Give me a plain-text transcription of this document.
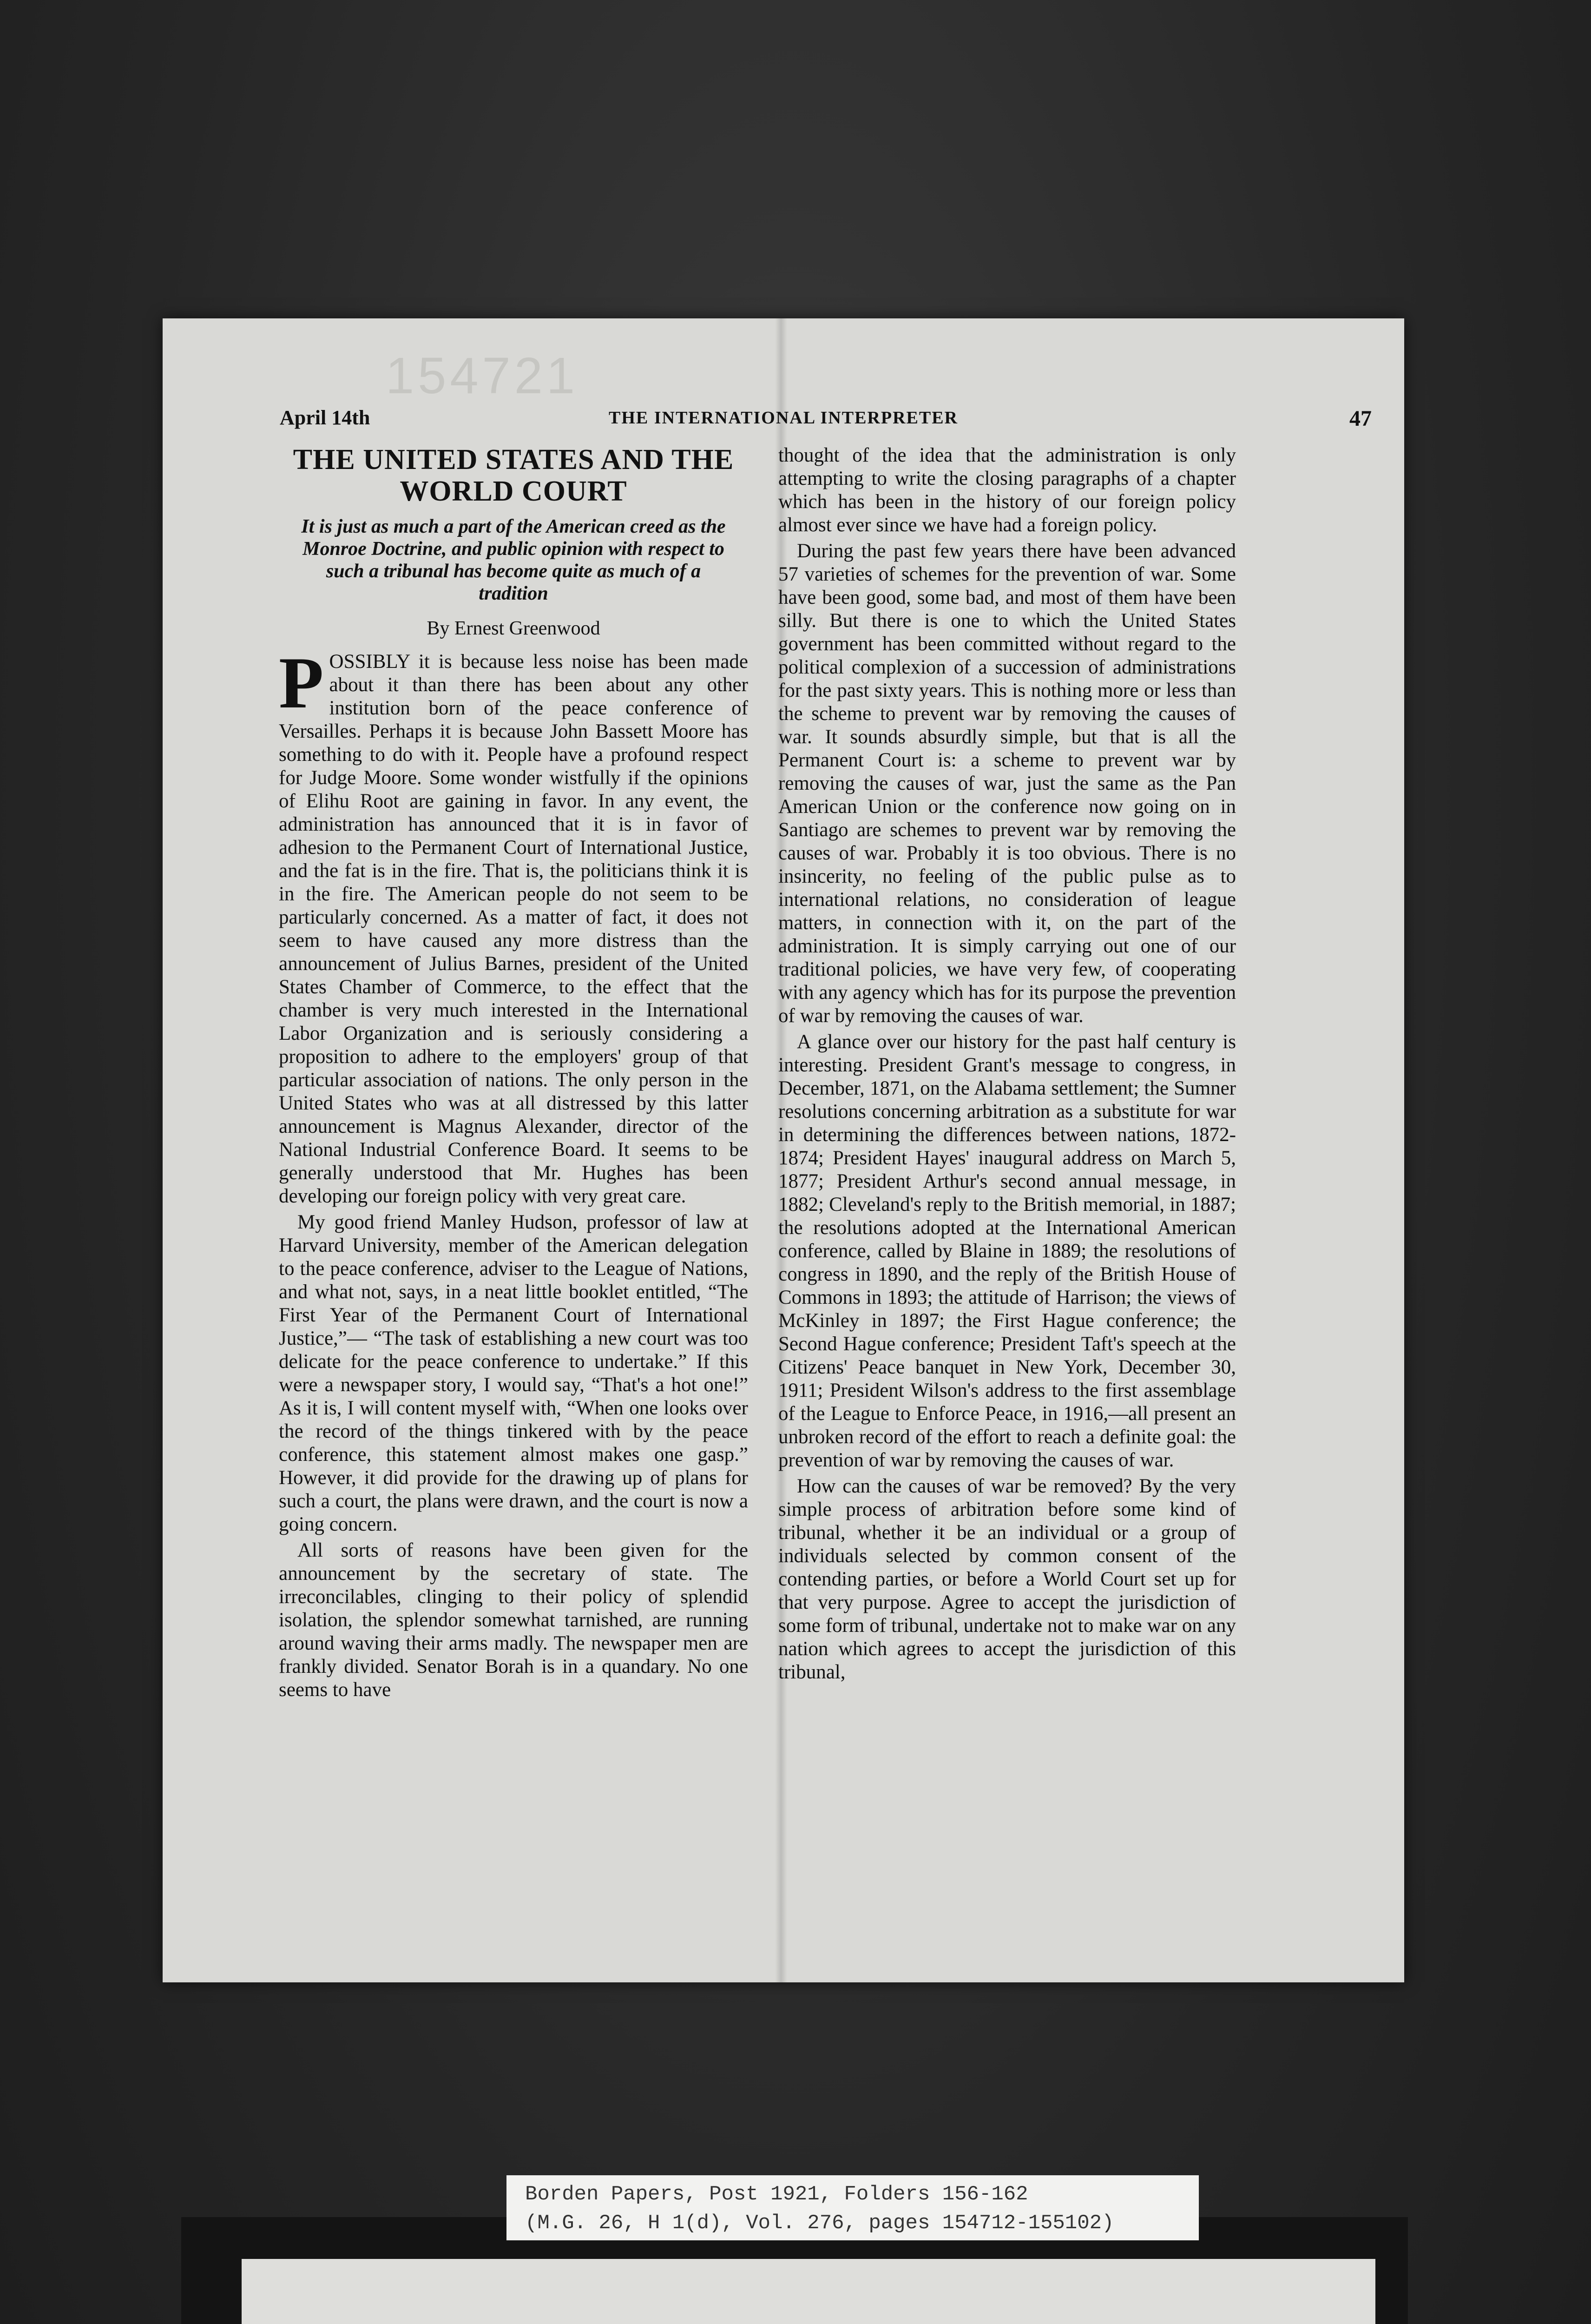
154721
April 14th	THE INTERNATIONAL INTERPRETER	47
THE UNITED STATES AND THE WORLD COURT
It is just as much a part of the American creed as the Monroe Doctrine, and public opinion with respect to such a tribunal has become quite as much of a tradition
By Ernest Greenwood

POSSIBLY it is because less noise has been made about it than there has been about any other institution born of the peace conference of Versailles. Perhaps it is because John Bassett Moore has something to do with it. People have a profound respect for Judge Moore. Some wonder wistfully if the opinions of Elihu Root are gaining in favor. In any event, the administration has announced that it is in favor of adhesion to the Permanent Court of International Justice, and the fat is in the fire. That is, the politicians think it is in the fire. The American people do not seem to be particularly concerned. As a matter of fact, it does not seem to have caused any more distress than the announcement of Julius Barnes, president of the United States Chamber of Commerce, to the effect that the chamber is very much interested in the International Labor Organization and is seriously considering a proposition to adhere to the employers' group of that particular association of nations. The only person in the United States who was at all distressed by this latter announcement is Magnus Alexander, director of the National Industrial Conference Board. It seems to be generally understood that Mr. Hughes has been developing our foreign policy with very great care.

My good friend Manley Hudson, professor of law at Harvard University, member of the American delegation to the peace conference, adviser to the League of Nations, and what not, says, in a neat little booklet entitled, “The First Year of the Permanent Court of International Justice,”— “The task of establishing a new court was too delicate for the peace conference to undertake.” If this were a newspaper story, I would say, “That's a hot one!” As it is, I will content myself with, “When one looks over the record of the things tinkered with by the peace conference, this statement almost makes one gasp.” However, it did provide for the drawing up of plans for such a court, the plans were drawn, and the court is now a going concern.

All sorts of reasons have been given for the announcement by the secretary of state. The irreconcilables, clinging to their policy of splendid isolation, the splendor somewhat tarnished, are running around waving their arms madly. The newspaper men are frankly divided. Senator Borah is in a quandary. No one seems to have

thought of the idea that the administration is only attempting to write the closing paragraphs of a chapter which has been in the history of our foreign policy almost ever since we have had a foreign policy.

During the past few years there have been advanced 57 varieties of schemes for the prevention of war. Some have been good, some bad, and most of them have been silly. But there is one to which the United States government has been committed without regard to the political complexion of a succession of administrations for the past sixty years. This is nothing more or less than the scheme to prevent war by removing the causes of war. It sounds absurdly simple, but that is all the Permanent Court is: a scheme to prevent war by removing the causes of war, just the same as the Pan American Union or the conference now going on in Santiago are schemes to prevent war by removing the causes of war. Probably it is too obvious. There is no insincerity, no feeling of the public pulse as to international relations, no consideration of league matters, in connection with it, on the part of the administration. It is simply carrying out one of our traditional policies, we have very few, of cooperating with any agency which has for its purpose the prevention of war by removing the causes of war.

A glance over our history for the past half century is interesting. President Grant's message to congress, in December, 1871, on the Alabama settlement; the Sumner resolutions concerning arbitration as a substitute for war in determining the differences between nations, 1872-1874; President Hayes' inaugural address on March 5, 1877; President Arthur's second annual message, in 1882; Cleveland's reply to the British memorial, in 1887; the resolutions adopted at the International American conference, called by Blaine in 1889; the resolutions of congress in 1890, and the reply of the British House of Commons in 1893; the attitude of Harrison; the views of McKinley in 1897; the First Hague conference; the Second Hague conference; President Taft's speech at the Citizens' Peace banquet in New York, December 30, 1911; President Wilson's address to the first assemblage of the League to Enforce Peace, in 1916,—all present an unbroken record of the effort to reach a definite goal: the prevention of war by removing the causes of war.

How can the causes of war be removed? By the very simple process of arbitration before some kind of tribunal, whether it be an individual or a group of individuals selected by common consent of the contending parties, or before a World Court set up for that very purpose. Agree to accept the jurisdiction of some form of tribunal, undertake not to make war on any nation which agrees to accept the jurisdiction of this tribunal,

Borden Papers, Post 1921, Folders 156-162
(M.G. 26, H 1(d), Vol. 276, pages 154712-155102)
